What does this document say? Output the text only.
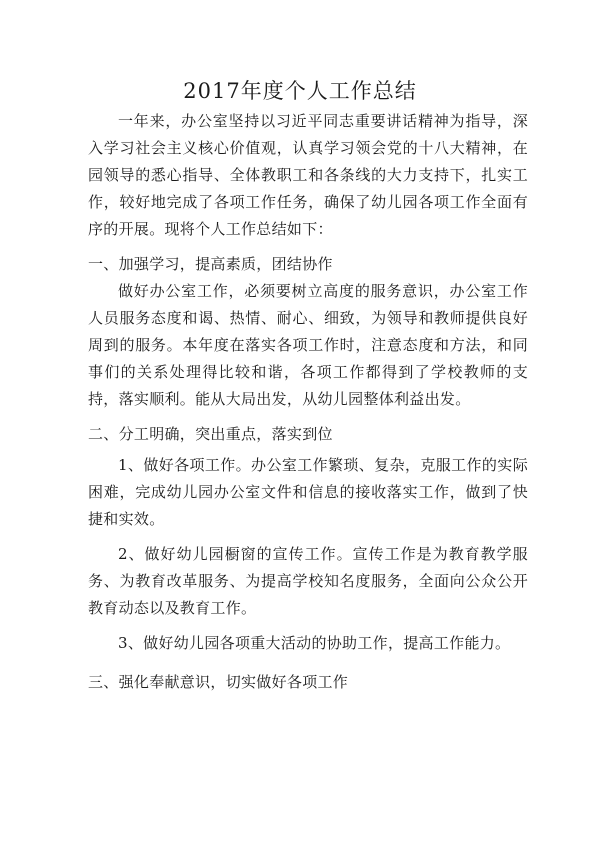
2017年度个人工作总结

一年来，办公室坚持以习近平同志重要讲话精神为指导，深入学习社会主义核心价值观，认真学习领会党的十八大精神，在园领导的悉心指导、全体教职工和各条线的大力支持下，扎实工作，较好地完成了各项工作任务，确保了幼儿园各项工作全面有序的开展。现将个人工作总结如下：

一、加强学习，提高素质，团结协作

做好办公室工作，必须要树立高度的服务意识，办公室工作人员服务态度和谒、热情、耐心、细致，为领导和教师提供良好周到的服务。本年度在落实各项工作时，注意态度和方法，和同事们的关系处理得比较和谐，各项工作都得到了学校教师的支持，落实顺利。能从大局出发，从幼儿园整体利益出发。

二、分工明确，突出重点，落实到位

1、做好各项工作。办公室工作繁琐、复杂，克服工作的实际困难，完成幼儿园办公室文件和信息的接收落实工作，做到了快捷和实效。

2、做好幼儿园橱窗的宣传工作。宣传工作是为教育教学服务、为教育改革服务、为提高学校知名度服务，全面向公众公开教育动态以及教育工作。

3、做好幼儿园各项重大活动的协助工作，提高工作能力。

三、强化奉献意识，切实做好各项工作
